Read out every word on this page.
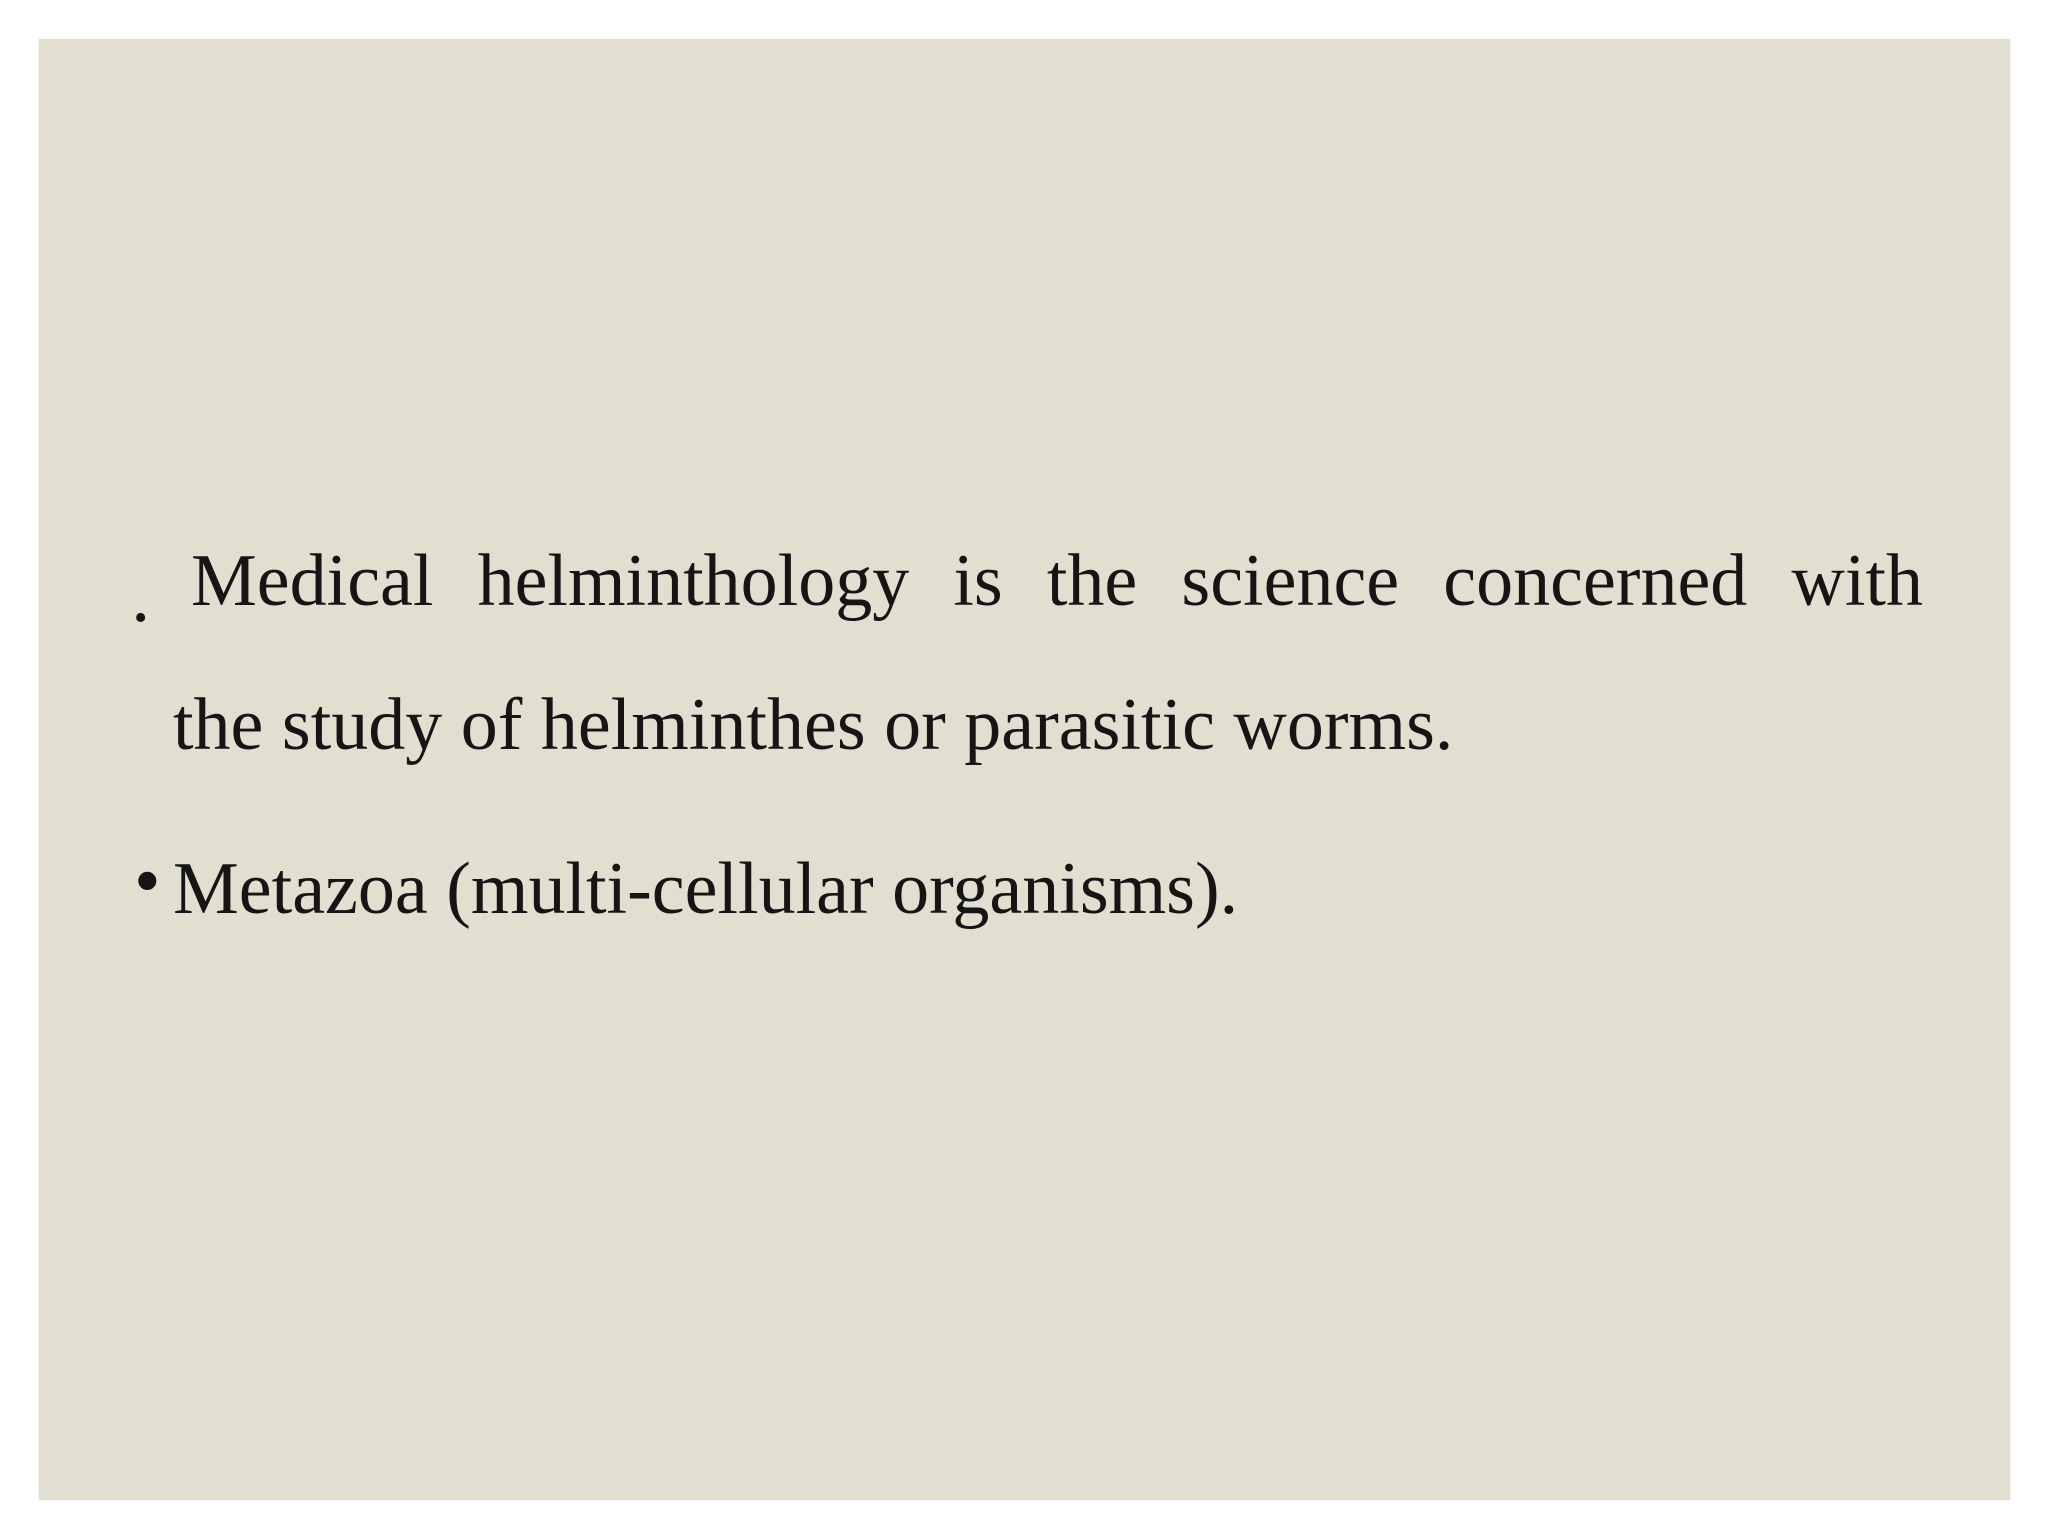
• Medical helminthology is the science concerned with
the study of helminthes or parasitic worms.
• Metazoa (multi-cellular organisms).
